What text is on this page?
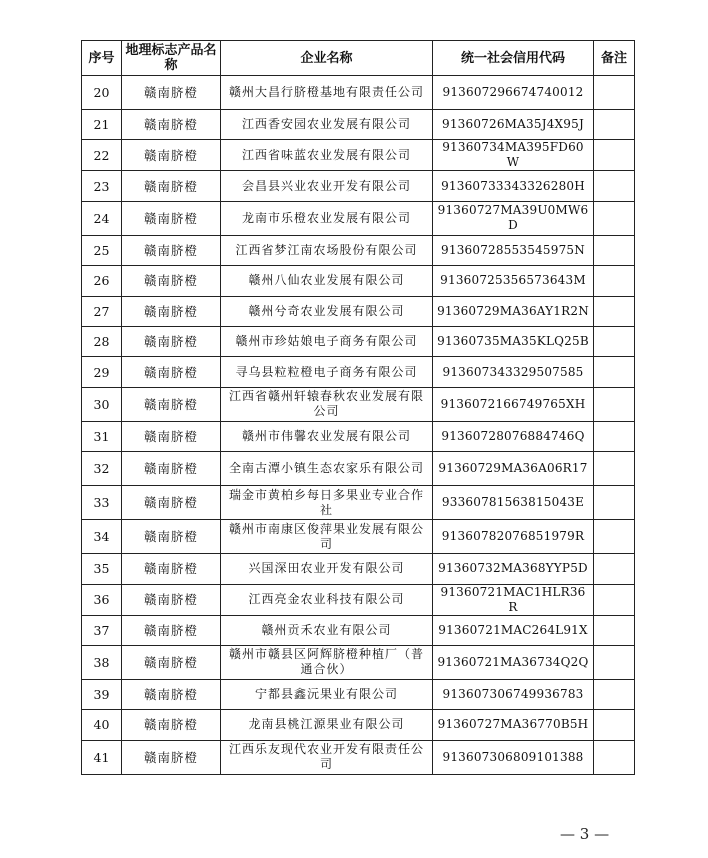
序号	地理标志产品名称	企业名称	统一社会信用代码	备注
20	赣南脐橙	赣州大昌行脐橙基地有限责任公司	913607296674740012	
21	赣南脐橙	江西香安园农业发展有限公司	91360726MA35J4X95J	
22	赣南脐橙	江西省味蓝农业发展有限公司	91360734MA395FD60W	
23	赣南脐橙	会昌县兴业农业开发有限公司	91360733343326280H	
24	赣南脐橙	龙南市乐橙农业发展有限公司	91360727MA39U0MW6D	
25	赣南脐橙	江西省梦江南农场股份有限公司	91360728553545975N	
26	赣南脐橙	赣州八仙农业发展有限公司	91360725356573643M	
27	赣南脐橙	赣州兮奇农业发展有限公司	91360729MA36AY1R2N	
28	赣南脐橙	赣州市珍姑娘电子商务有限公司	91360735MA35KLQ25B	
29	赣南脐橙	寻乌县粒粒橙电子商务有限公司	913607343329507585	
30	赣南脐橙	江西省赣州轩辕春秋农业发展有限公司	9136072166749765XH	
31	赣南脐橙	赣州市伟馨农业发展有限公司	91360728076884746Q	
32	赣南脐橙	全南古潭小镇生态农家乐有限公司	91360729MA36A06R17	
33	赣南脐橙	瑞金市黄柏乡每日多果业专业合作社	93360781563815043E	
34	赣南脐橙	赣州市南康区俊萍果业发展有限公司	91360782076851979R	
35	赣南脐橙	兴国深田农业开发有限公司	91360732MA368YYP5D	
36	赣南脐橙	江西亮金农业科技有限公司	91360721MAC1HLR36R	
37	赣南脐橙	赣州贡禾农业有限公司	91360721MAC264L91X	
38	赣南脐橙	赣州市赣县区阿辉脐橙种植厂（普通合伙）	91360721MA36734Q2Q	
39	赣南脐橙	宁都县鑫沅果业有限公司	913607306749936783	
40	赣南脐橙	龙南县桃江源果业有限公司	91360727MA36770B5H	
41	赣南脐橙	江西乐友现代农业开发有限责任公司	913607306809101388	
— 3 —
